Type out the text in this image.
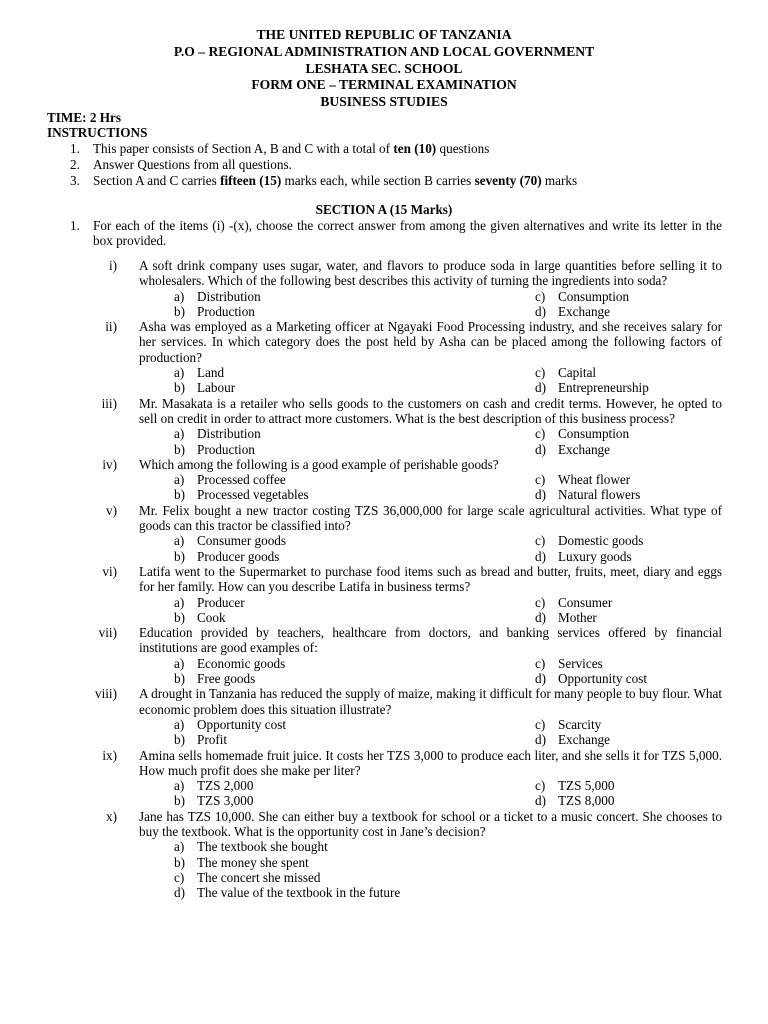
THE UNITED REPUBLIC OF TANZANIA
P.O – REGIONAL ADMINISTRATION AND LOCAL GOVERNMENT
LESHATA SEC. SCHOOL
FORM ONE – TERMINAL EXAMINATION
BUSINESS STUDIES
TIME: 2 Hrs
INSTRUCTIONS
1. This paper consists of Section A, B and C with a total of ten (10) questions
2. Answer Questions from all questions.
3. Section A and C carries fifteen (15) marks each, while section B carries seventy (70) marks
SECTION A (15 Marks)
1. For each of the items (i) -(x), choose the correct answer from among the given alternatives and write its letter in the box provided.
i) A soft drink company uses sugar, water, and flavors to produce soda in large quantities before selling it to wholesalers. Which of the following best describes this activity of turning the ingredients into soda?
a) Distribution	c) Consumption
b) Production	d) Exchange
ii) Asha was employed as a Marketing officer at Ngayaki Food Processing industry, and she receives salary for her services. In which category does the post held by Asha can be placed among the following factors of production?
a) Land	c) Capital
b) Labour	d) Entrepreneurship
iii) Mr. Masakata is a retailer who sells goods to the customers on cash and credit terms. However, he opted to sell on credit in order to attract more customers. What is the best description of this business process?
a) Distribution	c) Consumption
b) Production	d) Exchange
iv) Which among the following is a good example of perishable goods?
a) Processed coffee	c) Wheat flower
b) Processed vegetables	d) Natural flowers
v) Mr. Felix bought a new tractor costing TZS 36,000,000 for large scale agricultural activities. What type of goods can this tractor be classified into?
a) Consumer goods	c) Domestic goods
b) Producer goods	d) Luxury goods
vi) Latifa went to the Supermarket to purchase food items such as bread and butter, fruits, meet, diary and eggs for her family. How can you describe Latifa in business terms?
a) Producer	c) Consumer
b) Cook	d) Mother
vii) Education provided by teachers, healthcare from doctors, and banking services offered by financial institutions are good examples of:
a) Economic goods	c) Services
b) Free goods	d) Opportunity cost
viii) A drought in Tanzania has reduced the supply of maize, making it difficult for many people to buy flour. What economic problem does this situation illustrate?
a) Opportunity cost	c) Scarcity
b) Profit	d) Exchange
ix) Amina sells homemade fruit juice. It costs her TZS 3,000 to produce each liter, and she sells it for TZS 5,000. How much profit does she make per liter?
a) TZS 2,000	c) TZS 5,000
b) TZS 3,000	d) TZS 8,000
x) Jane has TZS 10,000. She can either buy a textbook for school or a ticket to a music concert. She chooses to buy the textbook. What is the opportunity cost in Jane’s decision?
a) The textbook she bought
b) The money she spent
c) The concert she missed
d) The value of the textbook in the future
